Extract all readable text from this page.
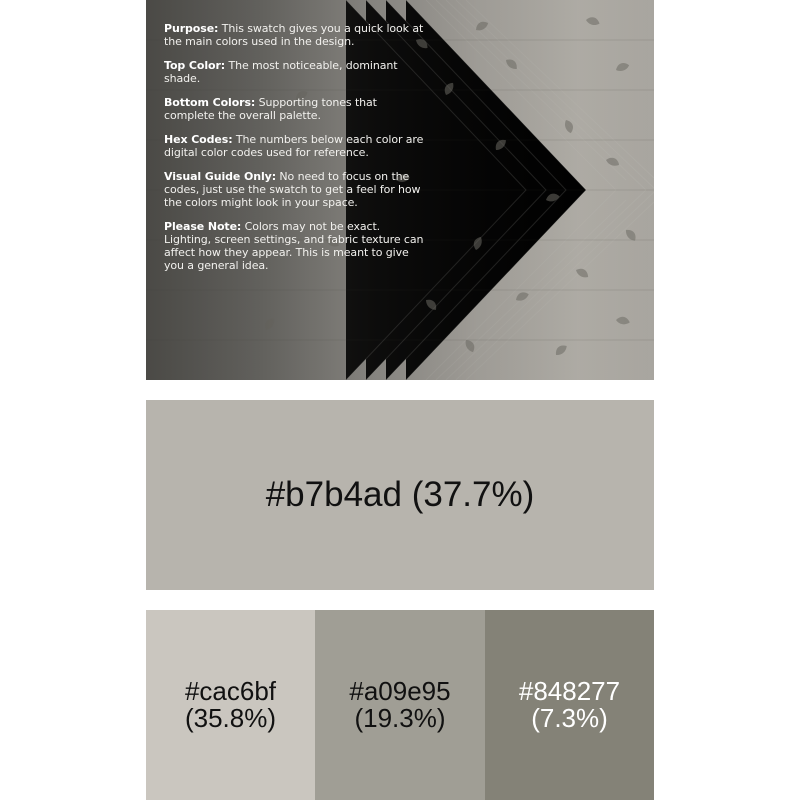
Purpose: This swatch gives you a quick look at the main colors used in the design.

Top Color: The most noticeable, dominant shade.

Bottom Colors: Supporting tones that complete the overall palette.

Hex Codes: The numbers below each color are digital color codes used for reference.

Visual Guide Only: No need to focus on the codes, just use the swatch to get a feel for how the colors might look in your space.

Please Note: Colors may not be exact. Lighting, screen settings, and fabric texture can affect how they appear. This is meant to give you a general idea.

#b7b4ad (37.7%)
#cac6bf
(35.8%)
#a09e95
(19.3%)
#848277
(7.3%)
